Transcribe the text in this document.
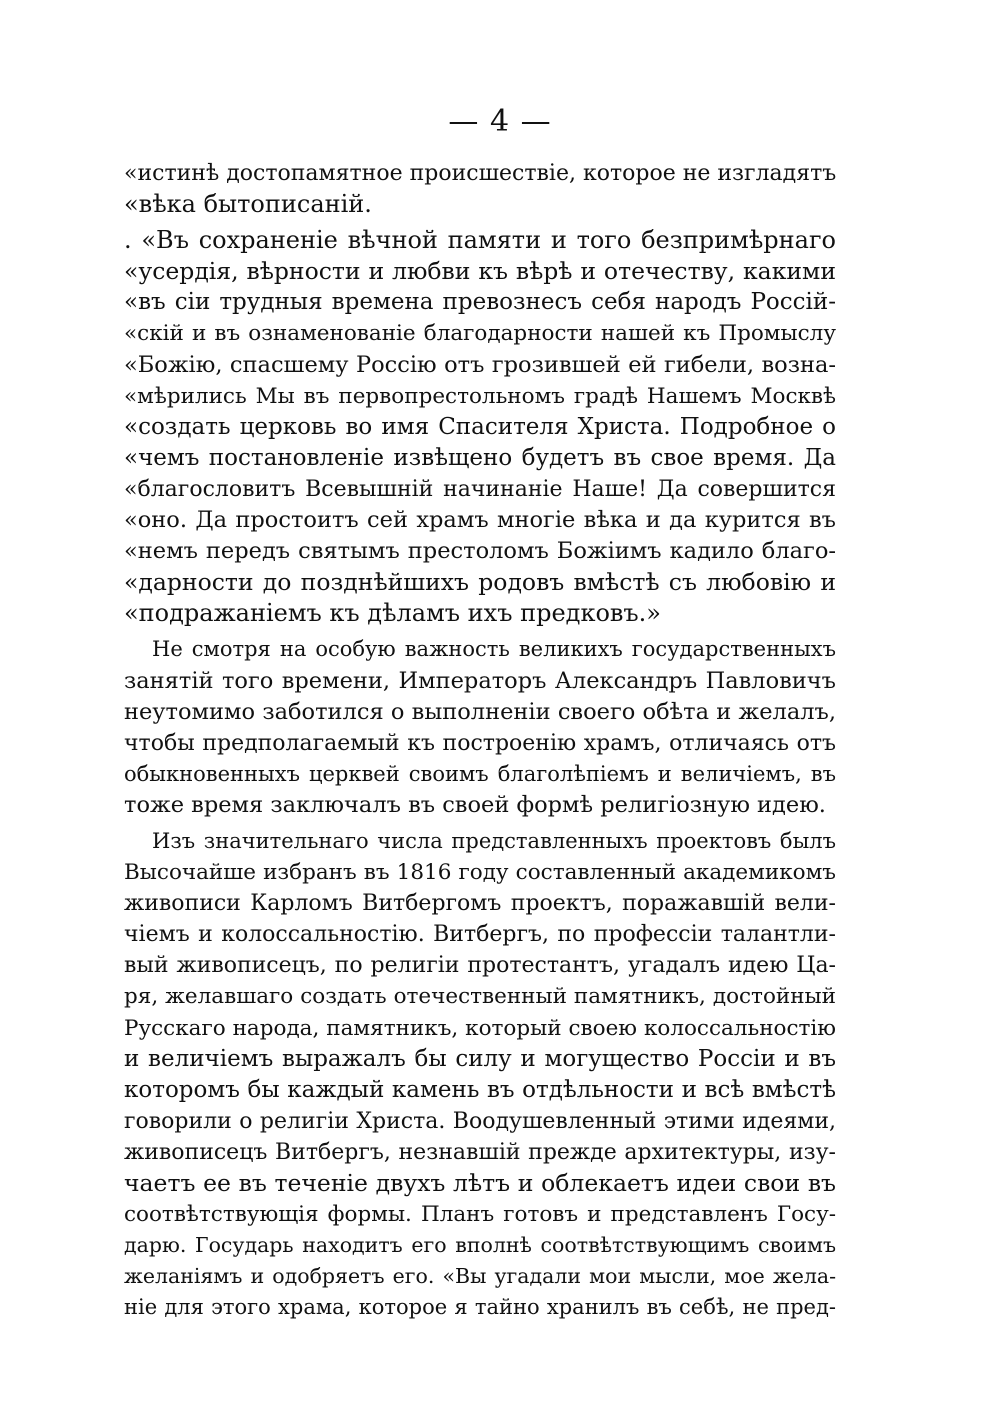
— 4 —
«истинѣ достопамятное происшествіе, которое не изгладятъ
«вѣка бытописаній.
. «Въ сохраненіе вѣчной памяти и того безпримѣрнаго
«усердія, вѣрности и любви къ вѣрѣ и отечеству, какими
«въ сіи трудныя времена превознесъ себя народъ Россій-
«скій и въ ознаменованіе благодарности нашей къ Промыслу
«Божію, спасшему Россію отъ грозившей ей гибели, возна-
«мѣрились Мы въ первопрестольномъ градѣ Нашемъ Москвѣ
«создать церковь во имя Спасителя Христа. Подробное о
«чемъ постановленіе извѣщено будетъ въ свое время. Да
«благословитъ Всевышній начинаніе Наше! Да совершится
«оно. Да простоитъ сей храмъ многіе вѣка и да курится въ
«немъ передъ святымъ престоломъ Божіимъ кадило благо-
«дарности до позднѣйшихъ родовъ вмѣстѣ съ любовію и
«подражаніемъ къ дѣламъ ихъ предковъ.»
Не смотря на особую важность великихъ государственныхъ
занятій того времени, Императоръ Александръ Павловичъ
неутомимо заботился о выполненіи своего обѣта и желалъ,
чтобы предполагаемый къ построенію храмъ, отличаясь отъ
обыкновенныхъ церквей своимъ благолѣпіемъ и величіемъ, въ
тоже время заключалъ въ своей формѣ религіозную идею.
Изъ значительнаго числа представленныхъ проектовъ былъ
Высочайше избранъ въ 1816 году составленный академикомъ
живописи Карломъ Витбергомъ проектъ, поражавшій вели-
чіемъ и колоссальностію. Витбергъ, по профессіи талантли-
вый живописецъ, по религіи протестантъ, угадалъ идею Ца-
ря, желавшаго создать отечественный памятникъ, достойный
Русскаго народа, памятникъ, который своею колоссальностію
и величіемъ выражалъ бы силу и могущество Россіи и въ
которомъ бы каждый камень въ отдѣльности и всѣ вмѣстѣ
говорили о религіи Христа. Воодушевленный этими идеями,
живописецъ Витбергъ, незнавшій прежде архитектуры, изу-
чаетъ ее въ теченіе двухъ лѣтъ и облекаетъ идеи свои въ
соотвѣтствующія формы. Планъ готовъ и представленъ Госу-
дарю. Государь находитъ его вполнѣ соотвѣтствующимъ своимъ
желаніямъ и одобряетъ его. «Вы угадали мои мысли, мое жела-
ніе для этого храма, которое я тайно хранилъ въ себѣ, не пред-
